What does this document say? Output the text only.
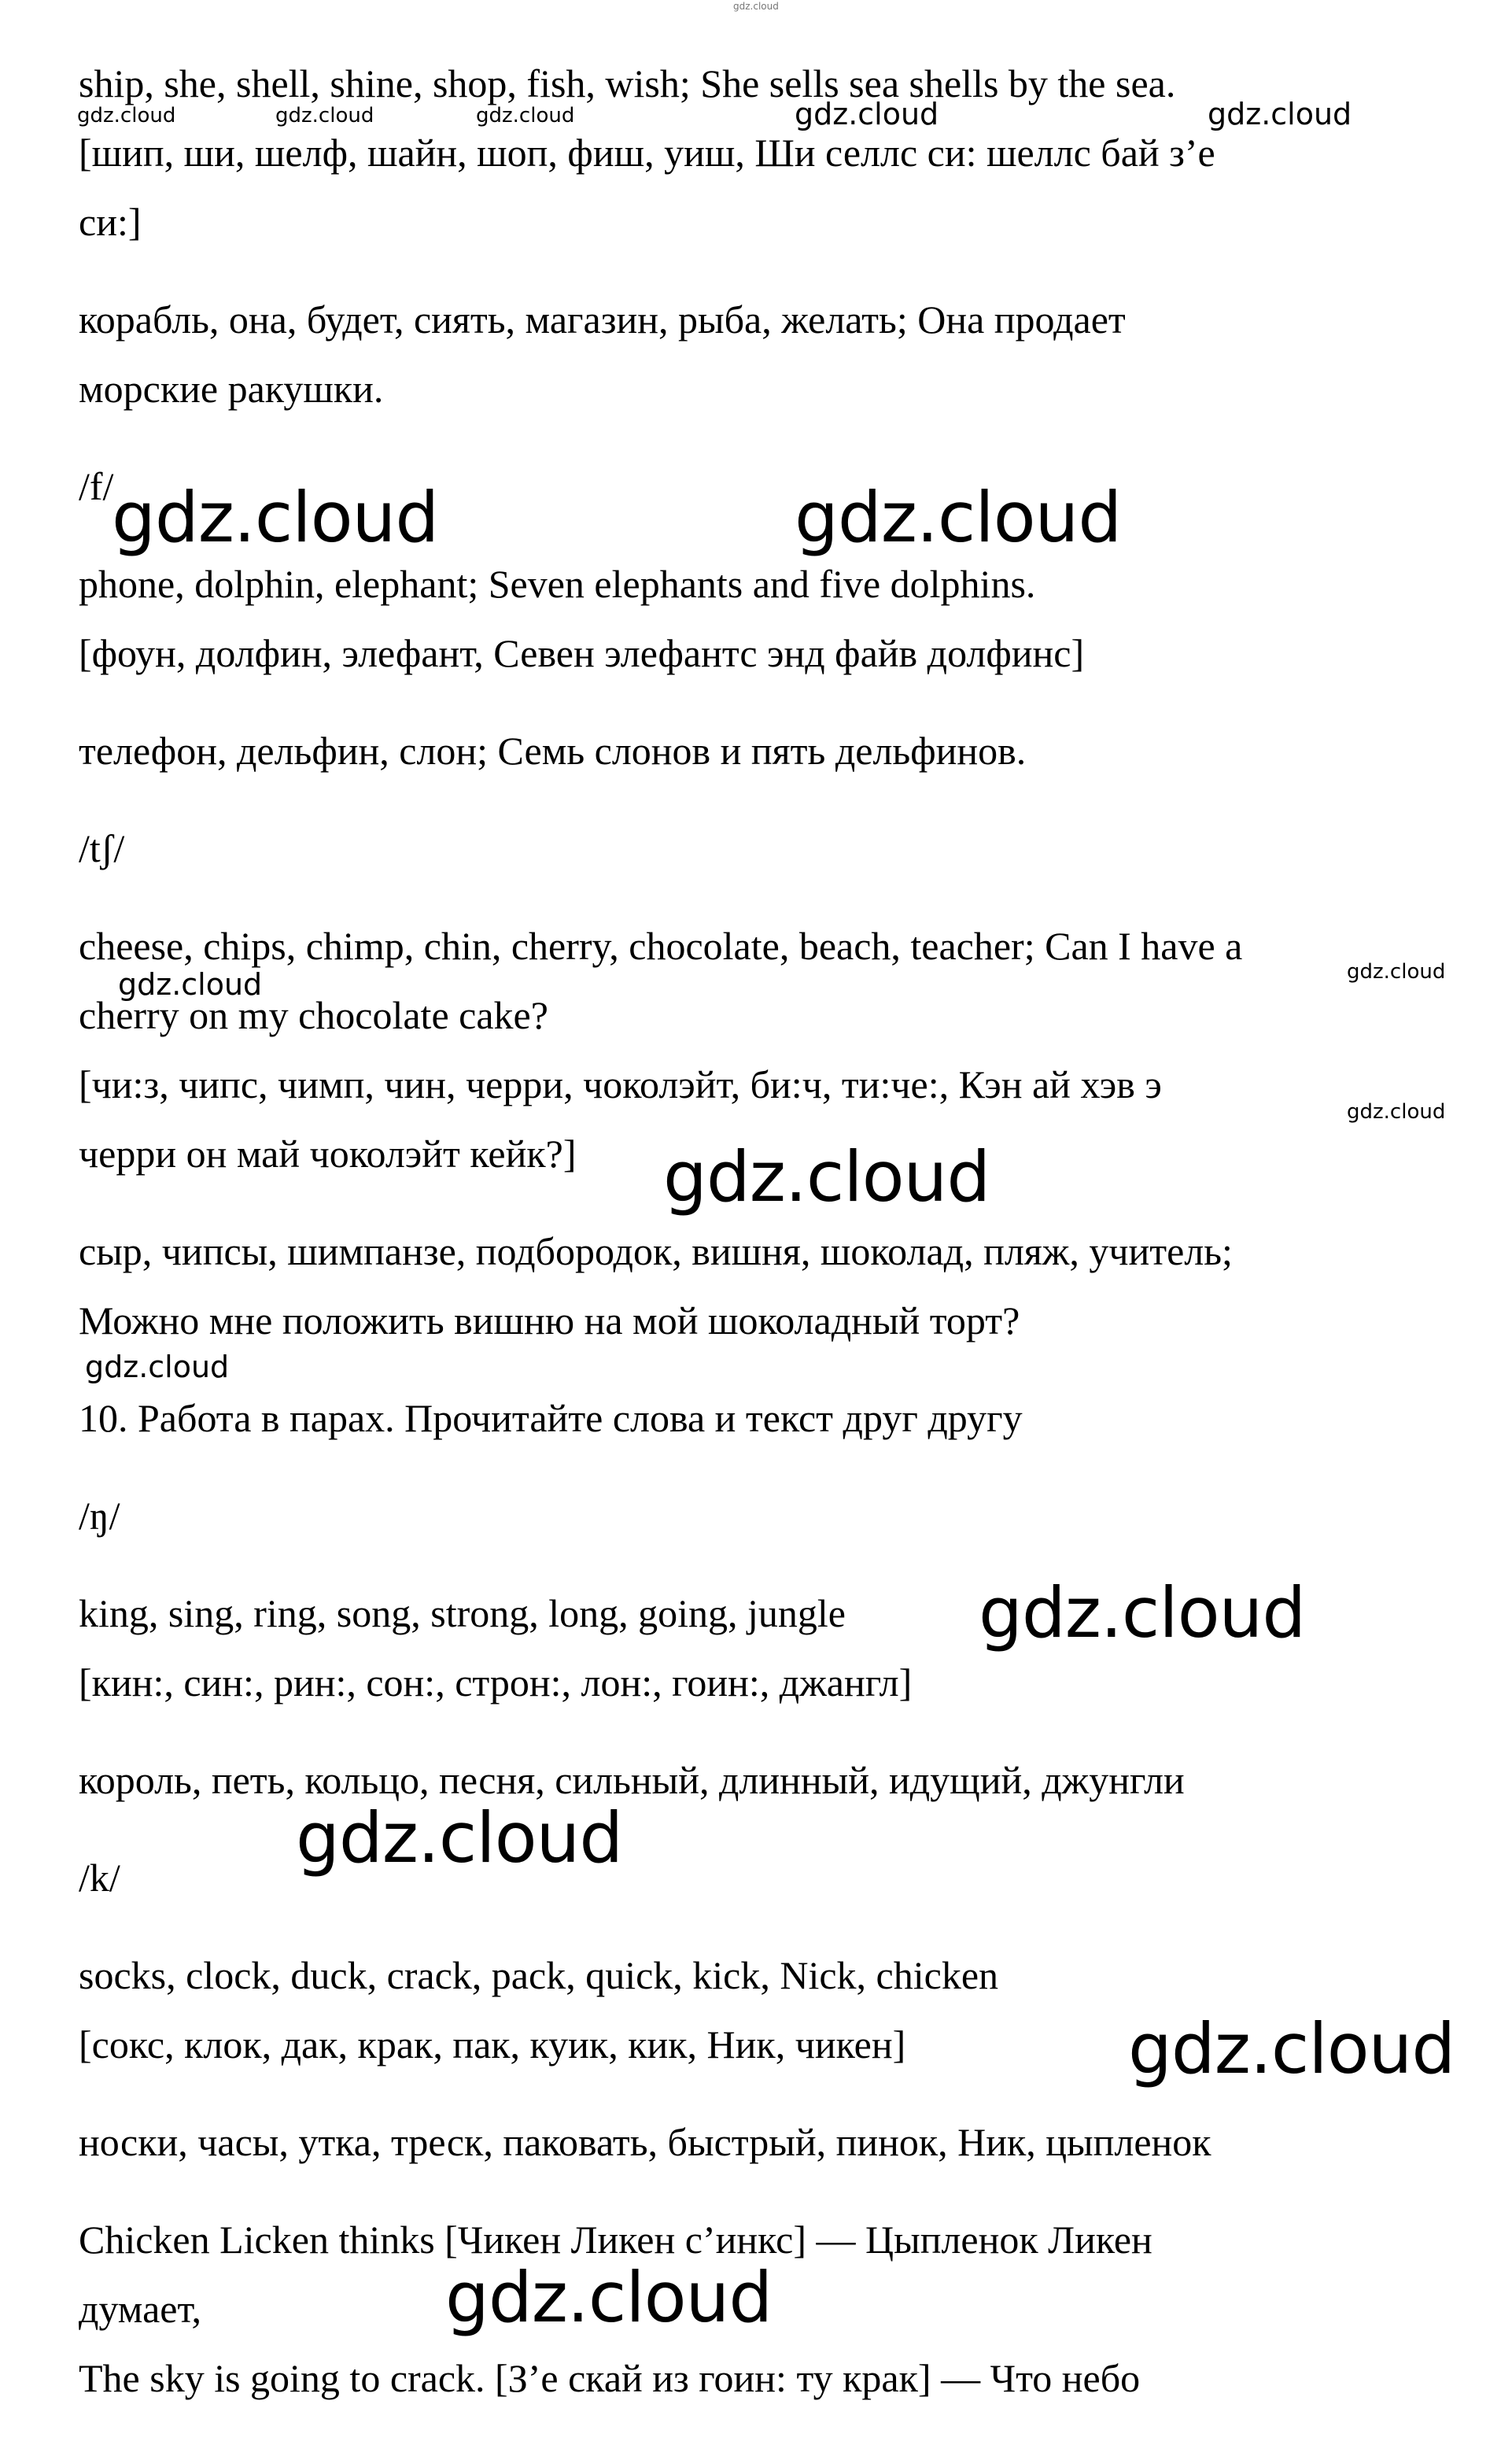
gdz.cloud
ship, she, shell, shine, shop, fish, wish; She sells sea shells by the sea.
[шип, ши, шелф, шайн, шоп, фиш, уиш, Ши селлс си: шеллс бай з’е
си:]
корабль, она, будет, сиять, магазин, рыба, желать; Она продает
морские ракушки.
/f/
phone, dolphin, elephant; Seven elephants and five dolphins.
[фоун, долфин, элефант, Севен элефантс энд файв долфинс]
телефон, дельфин, слон; Семь слонов и пять дельфинов.
/tʃ/
cheese, chips, chimp, chin, cherry, chocolate, beach, teacher; Can I have a
cherry on my chocolate cake?
[чи:з, чипс, чимп, чин, черри, чоколэйт, би:ч, ти:че:, Кэн ай хэв э
черри он май чоколэйт кейк?]
сыр, чипсы, шимпанзе, подбородок, вишня, шоколад, пляж, учитель;
Можно мне положить вишню на мой шоколадный торт?
10. Работа в парах. Прочитайте слова и текст друг другу
/ŋ/
king, sing, ring, song, strong, long, going, jungle
[кин:, син:, рин:, сон:, строн:, лон:, гоин:, джангл]
король, петь, кольцо, песня, сильный, длинный, идущий, джунгли
/k/
socks, clock, duck, crack, pack, quick, kick, Nick, chicken
[сокс, клок, дак, крак, пак, куик, кик, Ник, чикен]
носки, часы, утка, треск, паковать, быстрый, пинок, Ник, цыпленок
Chicken Licken thinks [Чикен Ликен с’инкс] — Цыпленок Ликен
думает,
The sky is going to crack. [З’е скай из гоин: ту крак] — Что небо
gdz.cloud	gdz.cloud	gdz.cloud	gdz.cloud	gdz.cloud
gdz.cloud	gdz.cloud
gdz.cloud	gdz.cloud
gdz.cloud
gdz.cloud
gdz.cloud
gdz.cloud
gdz.cloud
gdz.cloud
gdz.cloud
